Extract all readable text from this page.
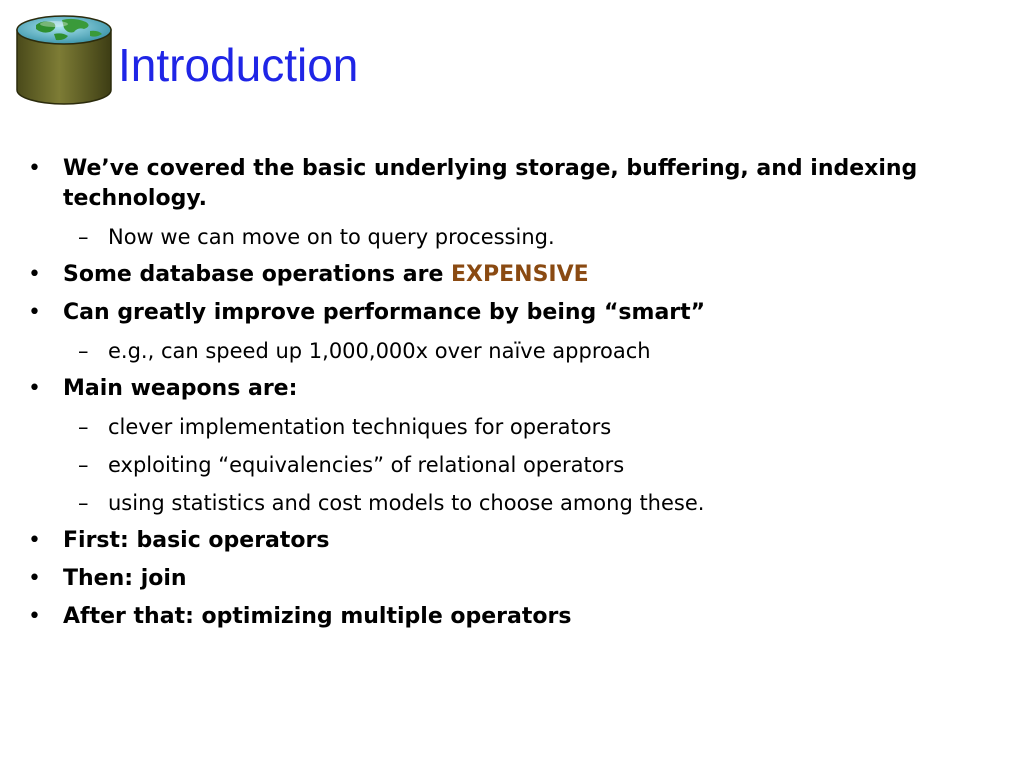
Introduction
• We’ve covered the basic underlying storage, buffering, and indexing technology.
– Now we can move on to query processing.
• Some database operations are EXPENSIVE
• Can greatly improve performance by being “smart”
– e.g., can speed up 1,000,000x over naïve approach
• Main weapons are:
– clever implementation techniques for operators
– exploiting “equivalencies” of relational operators
– using statistics and cost models to choose among these.
• First: basic operators
• Then: join
• After that: optimizing multiple operators
